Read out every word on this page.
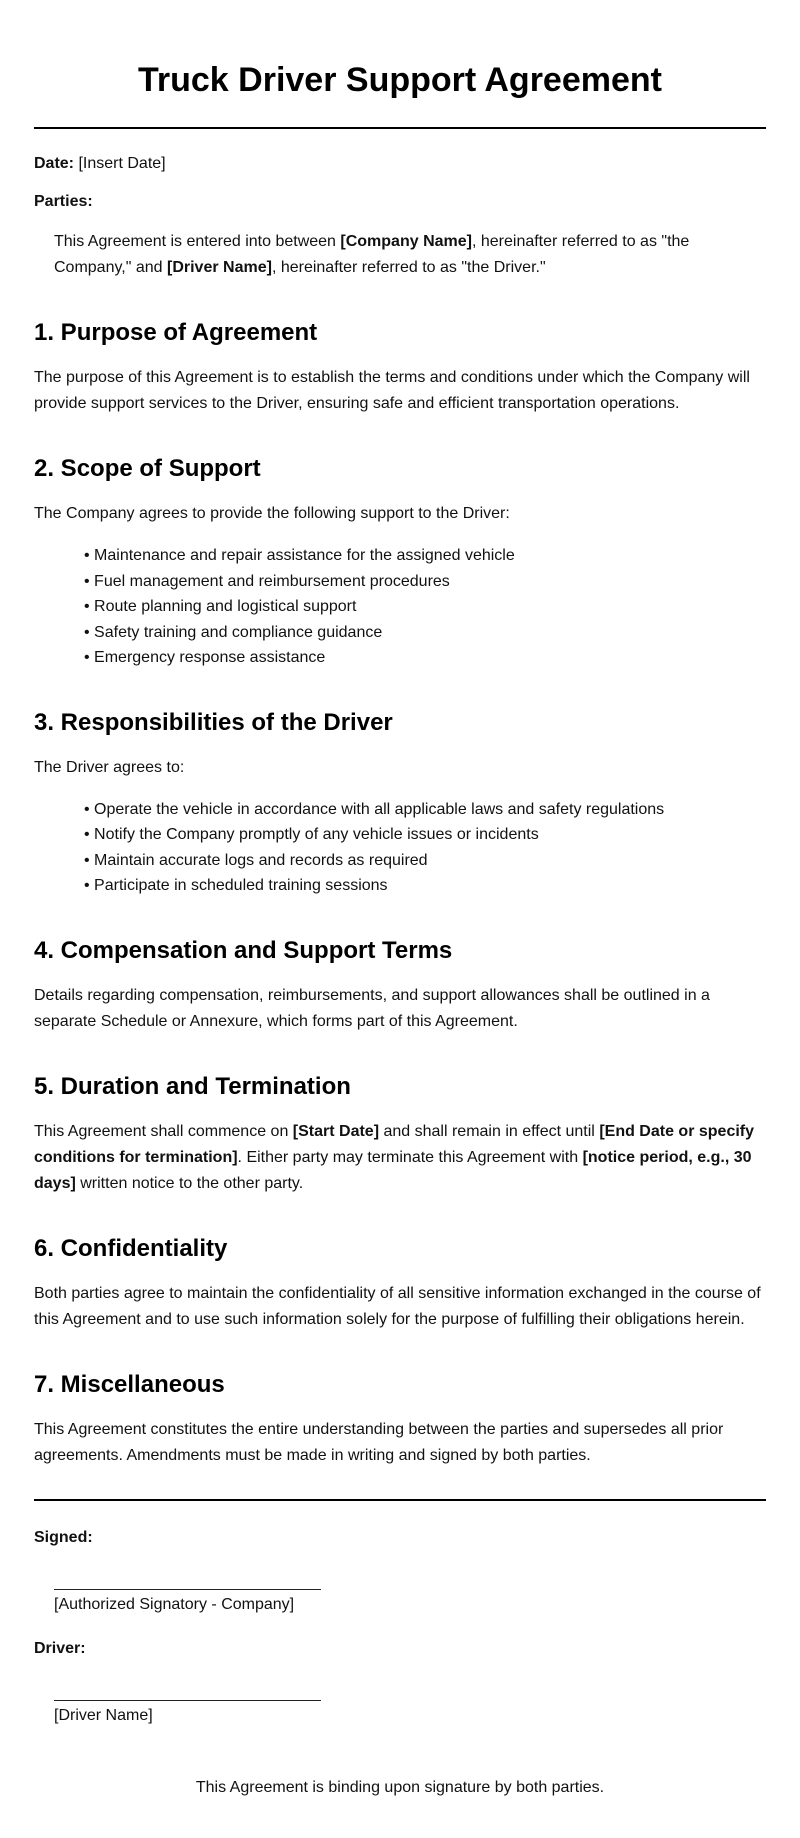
Truck Driver Support Agreement

Date: [Insert Date]

Parties:

This Agreement is entered into between [Company Name], hereinafter referred to as "the Company," and [Driver Name], hereinafter referred to as "the Driver."

1. Purpose of Agreement

The purpose of this Agreement is to establish the terms and conditions under which the Company will provide support services to the Driver, ensuring safe and efficient transportation operations.

2. Scope of Support

The Company agrees to provide the following support to the Driver:

• Maintenance and repair assistance for the assigned vehicle
• Fuel management and reimbursement procedures
• Route planning and logistical support
• Safety training and compliance guidance
• Emergency response assistance
3. Responsibilities of the Driver

The Driver agrees to:

• Operate the vehicle in accordance with all applicable laws and safety regulations
• Notify the Company promptly of any vehicle issues or incidents
• Maintain accurate logs and records as required
• Participate in scheduled training sessions
4. Compensation and Support Terms

Details regarding compensation, reimbursements, and support allowances shall be outlined in a separate Schedule or Annexure, which forms part of this Agreement.

5. Duration and Termination

This Agreement shall commence on [Start Date] and shall remain in effect until [End Date or specify conditions for termination]. Either party may terminate this Agreement with [notice period, e.g., 30 days] written notice to the other party.

6. Confidentiality

Both parties agree to maintain the confidentiality of all sensitive information exchanged in the course of this Agreement and to use such information solely for the purpose of fulfilling their obligations herein.

7. Miscellaneous

This Agreement constitutes the entire understanding between the parties and supersedes all prior agreements. Amendments must be made in writing and signed by both parties.

Signed:

[Authorized Signatory - Company]

Driver:

[Driver Name]

This Agreement is binding upon signature by both parties.
